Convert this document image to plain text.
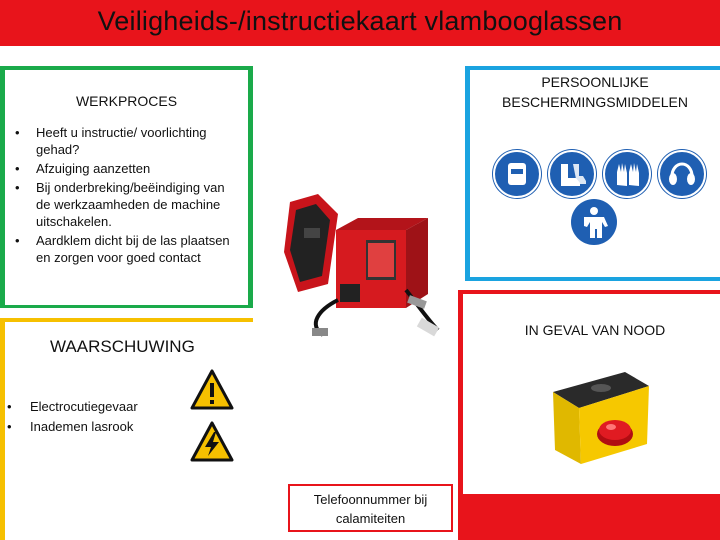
Veiligheids-/instructiekaart vlambooglassen
WERKPROCES
• Heeft u instructie/ voorlichting gehad?
• Afzuiging aanzetten
• Bij onderbreking/beëindiging van de werkzaamheden de machine uitschakelen.
• Aardklem dicht bij de las plaatsen en zorgen voor goed contact
PERSOONLIJKE BESCHERMINGSMIDDELEN
WAARSCHUWING
• Electrocutiegevaar
• Inademen lasrook
IN GEVAL VAN NOOD
Telefoonnummer bij calamiteiten
